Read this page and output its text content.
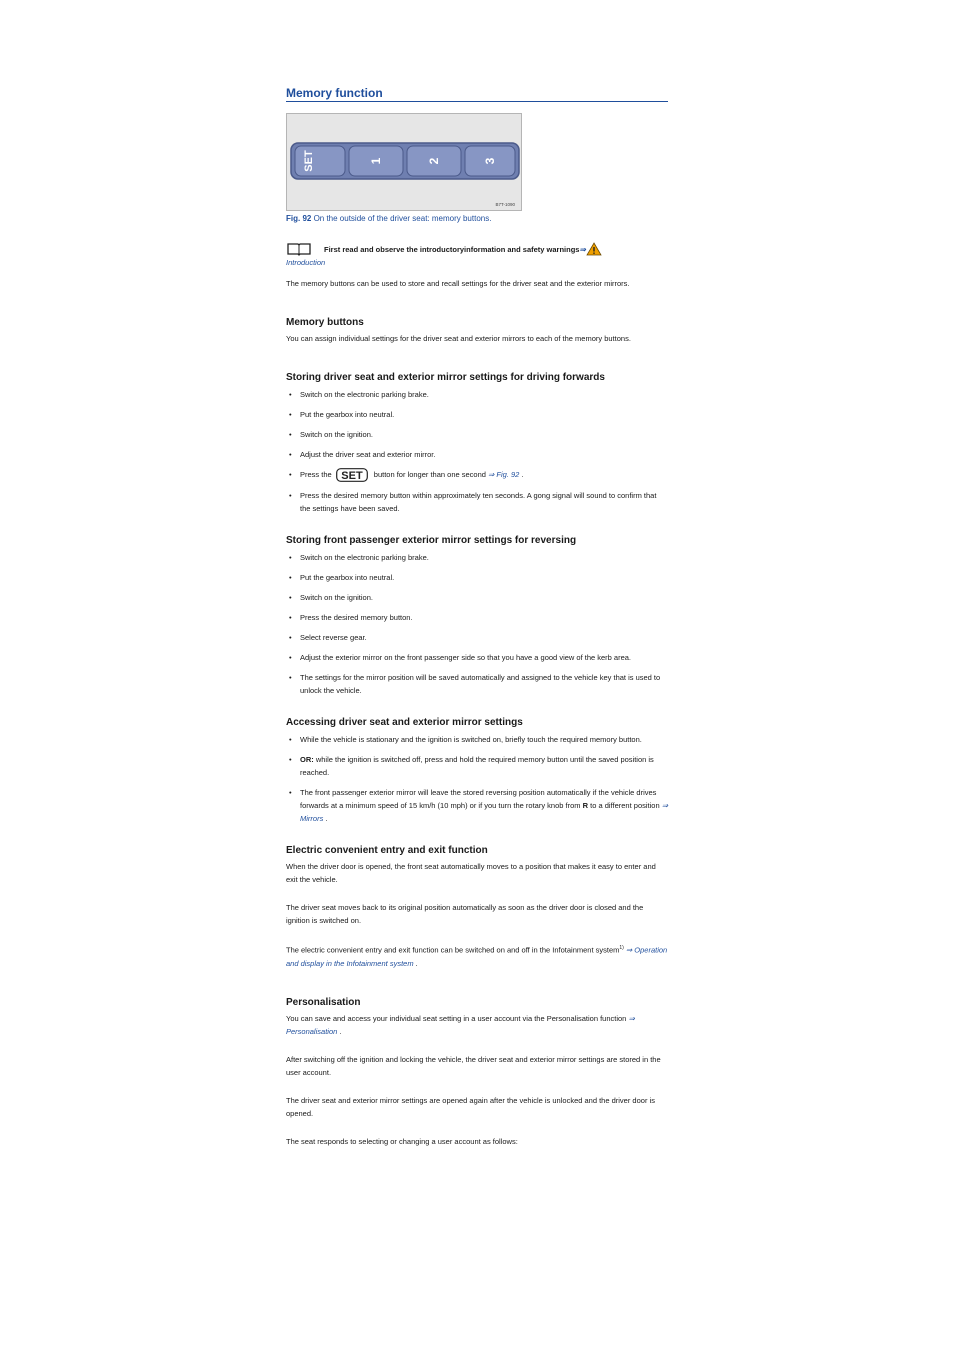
Memory function
SET	1	2	3
B7T-1090
Fig. 92 On the outside of the driver seat: memory buttons.
First read and observe the introductoryinformation and safety warnings ⇒
Introduction

The memory buttons can be used to store and recall settings for the driver seat and the exterior mirrors.

Memory buttons

You can assign individual settings for the driver seat and exterior mirrors to each of the memory buttons.

Storing driver seat and exterior mirror settings for driving forwards
• Switch on the electronic parking brake.
• Put the gearbox into neutral.
• Switch on the ignition.
• Adjust the driver seat and exterior mirror.
• Press the SET button for longer than one second ⇒ Fig. 92 .
• Press the desired memory button within approximately ten seconds. A gong signal will sound to confirm that the settings have been saved.
Storing front passenger exterior mirror settings for reversing
• Switch on the electronic parking brake.
• Put the gearbox into neutral.
• Switch on the ignition.
• Press the desired memory button.
• Select reverse gear.
• Adjust the exterior mirror on the front passenger side so that you have a good view of the kerb area.
• The settings for the mirror position will be saved automatically and assigned to the vehicle key that is used to unlock the vehicle.
Accessing driver seat and exterior mirror settings
• While the vehicle is stationary and the ignition is switched on, briefly touch the required memory button.
• OR: while the ignition is switched off, press and hold the required memory button until the saved position is reached.
• The front passenger exterior mirror will leave the stored reversing position automatically if the vehicle drives forwards at a minimum speed of 15 km/h (10 mph) or if you turn the rotary knob from R to a different position ⇒ Mirrors .
Electric convenient entry and exit function

When the driver door is opened, the front seat automatically moves to a position that makes it easy to enter and exit the vehicle.

The driver seat moves back to its original position automatically as soon as the driver door is closed and the ignition is switched on.

The electric convenient entry and exit function can be switched on and off in the Infotainment system$^{1)}$ ⇒ Operation and display in the Infotainment system .

Personalisation

You can save and access your individual seat setting in a user account via the Personalisation function ⇒ Personalisation .

After switching off the ignition and locking the vehicle, the driver seat and exterior mirror settings are stored in the user account.

The driver seat and exterior mirror settings are opened again after the vehicle is unlocked and the driver door is opened.

The seat responds to selecting or changing a user account as follows:
